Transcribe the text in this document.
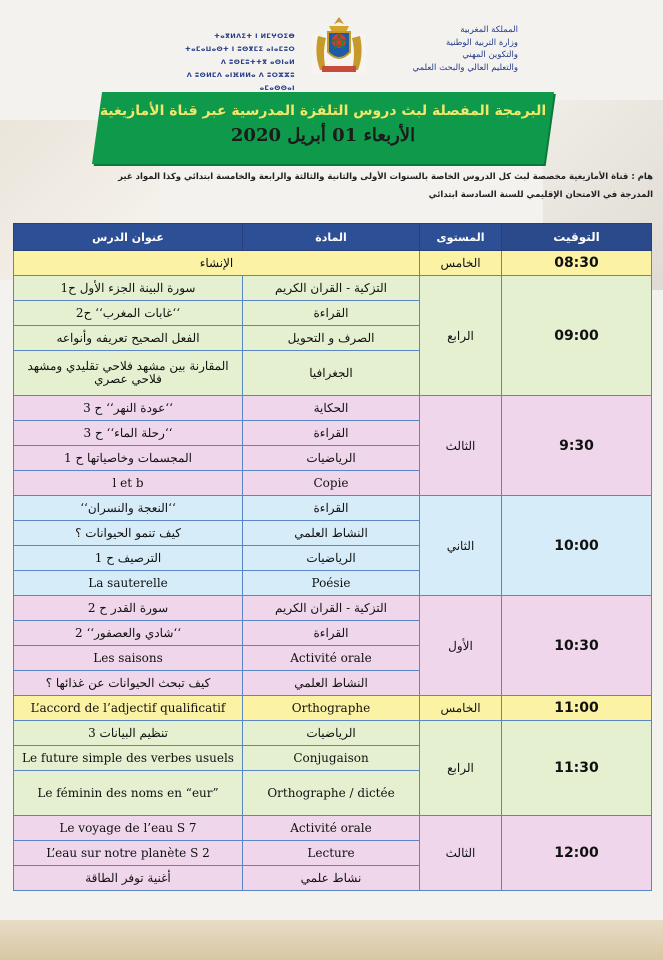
ⵜⴰⴳⵍⴷⵉⵜ ⵏ ⵍⵎⵖⵔⵉⴱ
ⵜⴰⵎⴰⵡⴰⵙⵜ ⵏ ⵓⵙⴳⵎⵉ ⴰⵏⴰⵎⵓⵔ
ⴷ ⵓⵙⵎⵓⵜⵜⴳ ⴰⵙⵏⴰⵍ
ⴷ ⵓⵙⵍⵎⴷ ⴰⵏⴼⵍⵍⴰ ⴷ ⵓⵔⵣⵣⵓ ⴰⵎⴰⵙⵙⴰⵏ
المملكة المغربية
وزارة التربية الوطنية
والتكوين المهني
والتعليم العالي والبحث العلمي
البرمجة المفصلة لبث دروس التلفزة المدرسية عبر قناة الأمازيغية
الأربعاء 01 أبريل 2020
هام : قناة الأمازيغية مخصصة لبث كل الدروس الخاصة بالسنوات الأولى والثانية والثالثة والرابعة والخامسة ابتدائي وكذا المواد غير
المدرجة في الامتحان الإقليمي للسنة السادسة ابتدائي
عنوان الدرس	المادة	المستوى	التوقيت
الإنشاء		الخامس	08:30
سورة البينة الجزء الأول ح1	التزكية - القران الكريم	الرابع	09:00
‘‘غابات المغرب‘‘ ح2	القراءة		
الفعل الصحيح تعريفه وأنواعه	الصرف و التحويل		
المقارنة بين مشهد فلاحي تقليدي ومشهد فلاحي عصري	الجغرافيا		
‘‘عودة النهر‘‘ ح 3	الحكاية	الثالث	9:30
‘‘رحلة الماء‘‘ ح 3	القراءة		
المجسمات وخاصياتها ح 1	الرياضيات		
l et b	Copie		
‘‘النعجة والنسران‘‘	القراءة	الثاني	10:00
كيف تنمو الحيوانات ؟	النشاط العلمي		
الترصيف ح 1	الرياضيات		
La sauterelle	Poésie		
سورة القدر ح 2	التزكية - القران الكريم	الأول	10:30
‘‘شادي والعصفور‘‘ 2	القراءة		
Les saisons	Activité orale		
كيف تبحث الحيوانات عن غذائها ؟	النشاط العلمي		
L’accord de l’adjectif qualificatif	Orthographe	الخامس	11:00
تنظيم البيانات 3	الرياضيات	الرابع	11:30
Le future simple des verbes usuels	Conjugaison		
Le féminin des noms en “eur”	Orthographe / dictée		
Le voyage de l’eau S 7	Activité orale	الثالث	12:00
L’eau sur notre planète S 2	Lecture		
أغنية توفر الطاقة	نشاط علمي		
